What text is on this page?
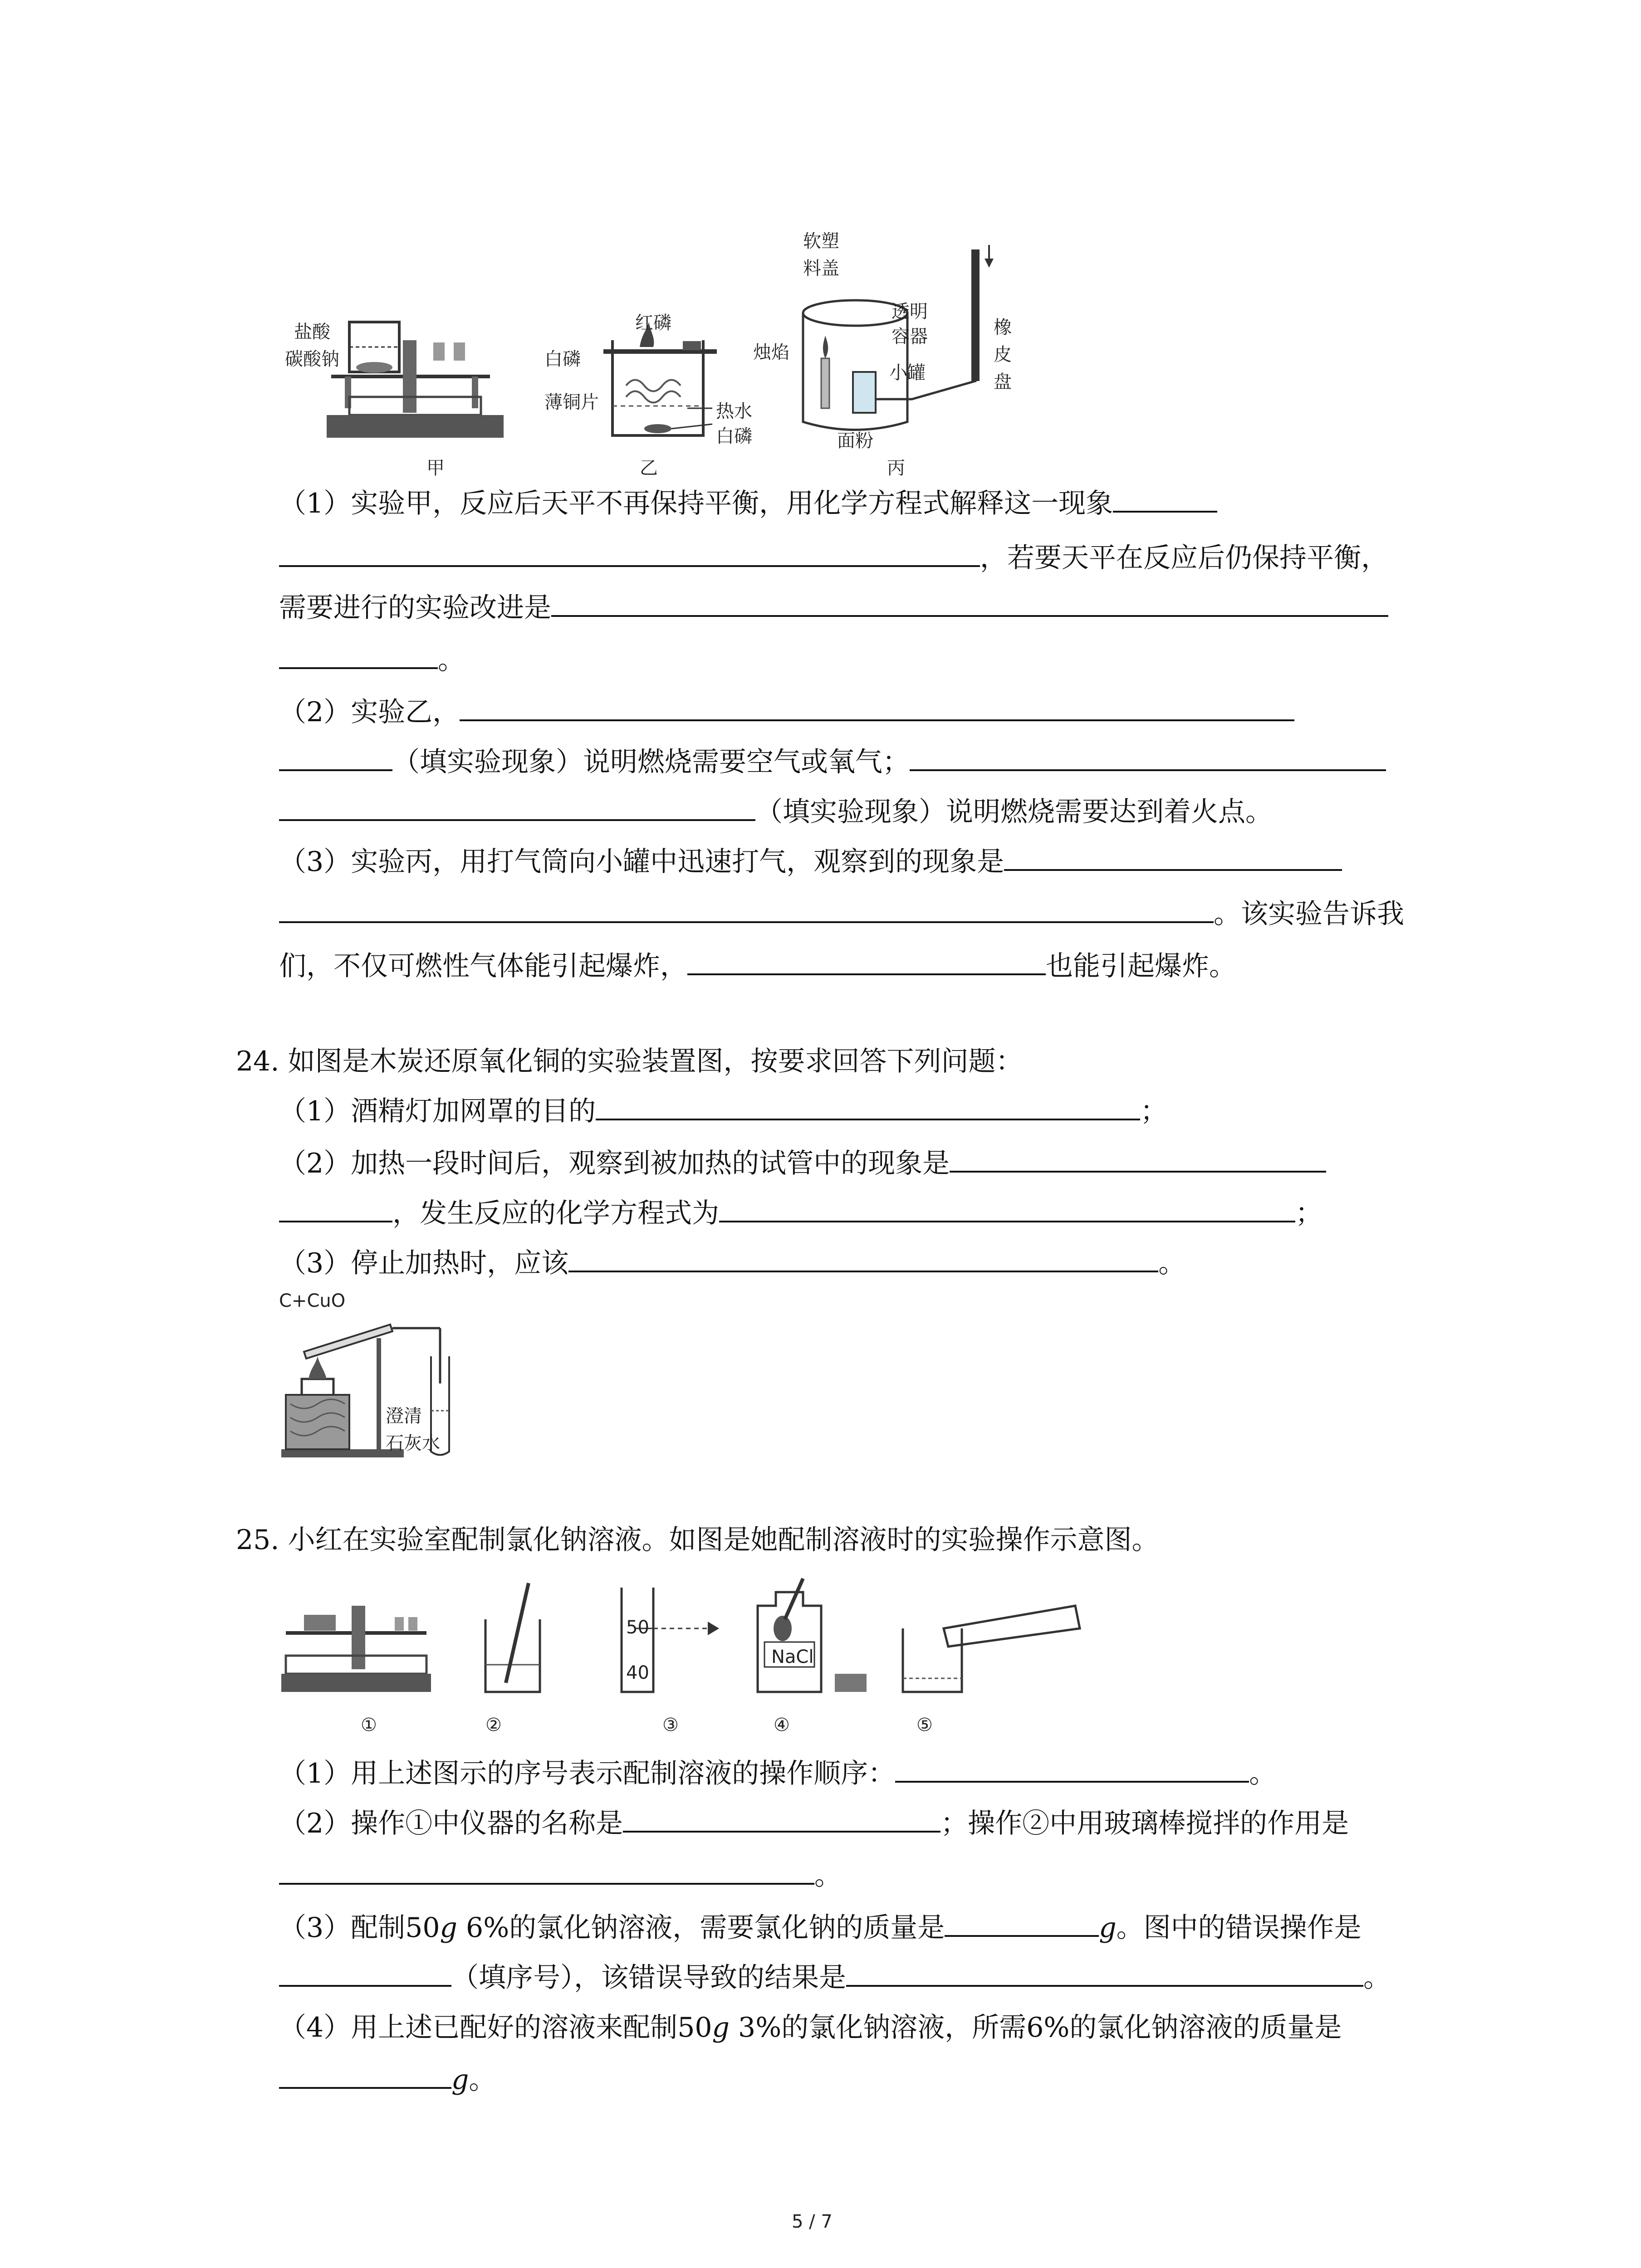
盐酸
碳酸钠
红磷
白磷
薄铜片	热水
白磷
软塑
料盖
透明
容器
烛焰
小罐
面粉
橡
皮
盘
甲	乙	丙
（1）实验甲，反应后天平不再保持平衡，用化学方程式解释这一现象
，若要天平在反应后仍保持平衡，
需要进行的实验改进是
。
（2）实验乙，
（填实验现象）说明燃烧需要空气或氧气；
（填实验现象）说明燃烧需要达到着火点。
（3）实验丙，用打气筒向小罐中迅速打气，观察到的现象是
。该实验告诉我
们，不仅可燃性气体能引起爆炸，	也能引起爆炸。
24. 如图是木炭还原氧化铜的实验装置图，按要求回答下列问题：
（1）酒精灯加网罩的目的	；
（2）加热一段时间后，观察到被加热的试管中的现象是
，发生反应的化学方程式为	；
（3）停止加热时，应该	。
C+CuO
澄清
石灰水
25. 小红在实验室配制氯化钠溶液。如图是她配制溶液时的实验操作示意图。
50
40
NaCl
①	②	③	④	⑤
（1）用上述图示的序号表示配制溶液的操作顺序：	。
（2）操作①中仪器的名称是	；操作②中用玻璃棒搅拌的作用是
。
（3）配制50g 6%的氯化钠溶液，需要氯化钠的质量是	g。图中的错误操作是
（填序号），该错误导致的结果是	。
（4）用上述已配好的溶液来配制50g 3%的氯化钠溶液，所需6%的氯化钠溶液的质量是
g。
5 / 7
